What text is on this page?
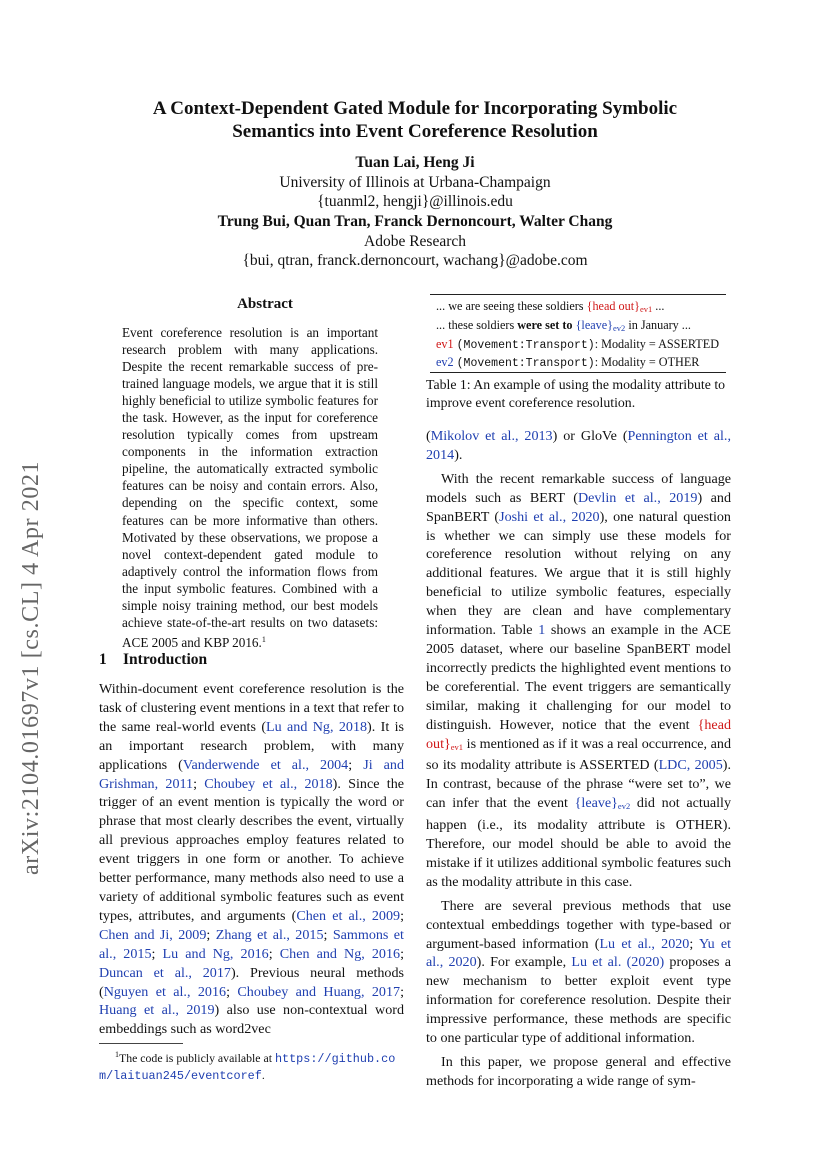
arXiv:2104.01697v1 [cs.CL] 4 Apr 2021
A Context-Dependent Gated Module for Incorporating Symbolic
Semantics into Event Coreference Resolution
Tuan Lai, Heng Ji
University of Illinois at Urbana-Champaign
{tuanml2, hengji}@illinois.edu
Trung Bui, Quan Tran, Franck Dernoncourt, Walter Chang
Adobe Research
{bui, qtran, franck.dernoncourt, wachang}@adobe.com
Abstract
Event coreference resolution is an important research problem with many applications. Despite the recent remarkable success of pre-trained language models, we argue that it is still highly beneficial to utilize symbolic features for the task. However, as the input for coreference resolution typically comes from upstream components in the information extraction pipeline, the automatically extracted symbolic features can be noisy and contain errors. Also, depending on the specific context, some features can be more informative than others. Motivated by these observations, we propose a novel context-dependent gated module to adaptively control the information flows from the input symbolic features. Combined with a simple noisy training method, our best models achieve state-of-the-art results on two datasets: ACE 2005 and KBP 2016.$^1$
1 Introduction

Within-document event coreference resolution is the task of clustering event mentions in a text that refer to the same real-world events (Lu and Ng, 2018). It is an important research problem, with many applications (Vanderwende et al., 2004; Ji and Grishman, 2011; Choubey et al., 2018). Since the trigger of an event mention is typically the word or phrase that most clearly describes the event, virtually all previous approaches employ features related to event triggers in one form or another. To achieve better performance, many methods also need to use a variety of additional symbolic features such as event types, attributes, and arguments (Chen et al., 2009; Chen and Ji, 2009; Zhang et al., 2015; Sammons et al., 2015; Lu and Ng, 2016; Chen and Ng, 2016; Duncan et al., 2017). Previous neural methods (Nguyen et al., 2016; Choubey and Huang, 2017; Huang et al., 2019) also use non-contextual word embeddings such as word2vec

$^1$The code is publicly available at https://github.com/laituan245/eventcoref.
... we are seeing these soldiers {head $out\}_{ev1}$ ...
... these soldiers were set to $\{leave\}_{ev2}$ in January ...
ev1 (Movement:Transport): Modality = ASSERTED
ev2 (Movement:Transport): Modality = OTHER
Table 1: An example of using the modality attribute to improve event coreference resolution.

(Mikolov et al., 2013) or GloVe (Pennington et al., 2014).

With the recent remarkable success of language models such as BERT (Devlin et al., 2019) and SpanBERT (Joshi et al., 2020), one natural question is whether we can simply use these models for coreference resolution without relying on any additional features. We argue that it is still highly beneficial to utilize symbolic features, especially when they are clean and have complementary information. Table 1 shows an example in the ACE 2005 dataset, where our baseline SpanBERT model incorrectly predicts the highlighted event mentions to be coreferential. The event triggers are semantically similar, making it challenging for our model to distinguish. However, notice that the event {head $out\}_{ev1}$ is mentioned as if it was a real occurrence, and so its modality attribute is ASSERTED (LDC, 2005). In contrast, because of the phrase “were set to”, we can infer that the event $\{leave\}_{ev2}$ did not actually happen (i.e., its modality attribute is OTHER). Therefore, our model should be able to avoid the mistake if it utilizes additional symbolic features such as the modality attribute in this case.

There are several previous methods that use contextual embeddings together with type-based or argument-based information (Lu et al., 2020; Yu et al., 2020). For example, Lu et al. (2020) proposes a new mechanism to better exploit event type information for coreference resolution. Despite their impressive performance, these methods are specific to one particular type of additional information.

In this paper, we propose general and effective methods for incorporating a wide range of sym-
